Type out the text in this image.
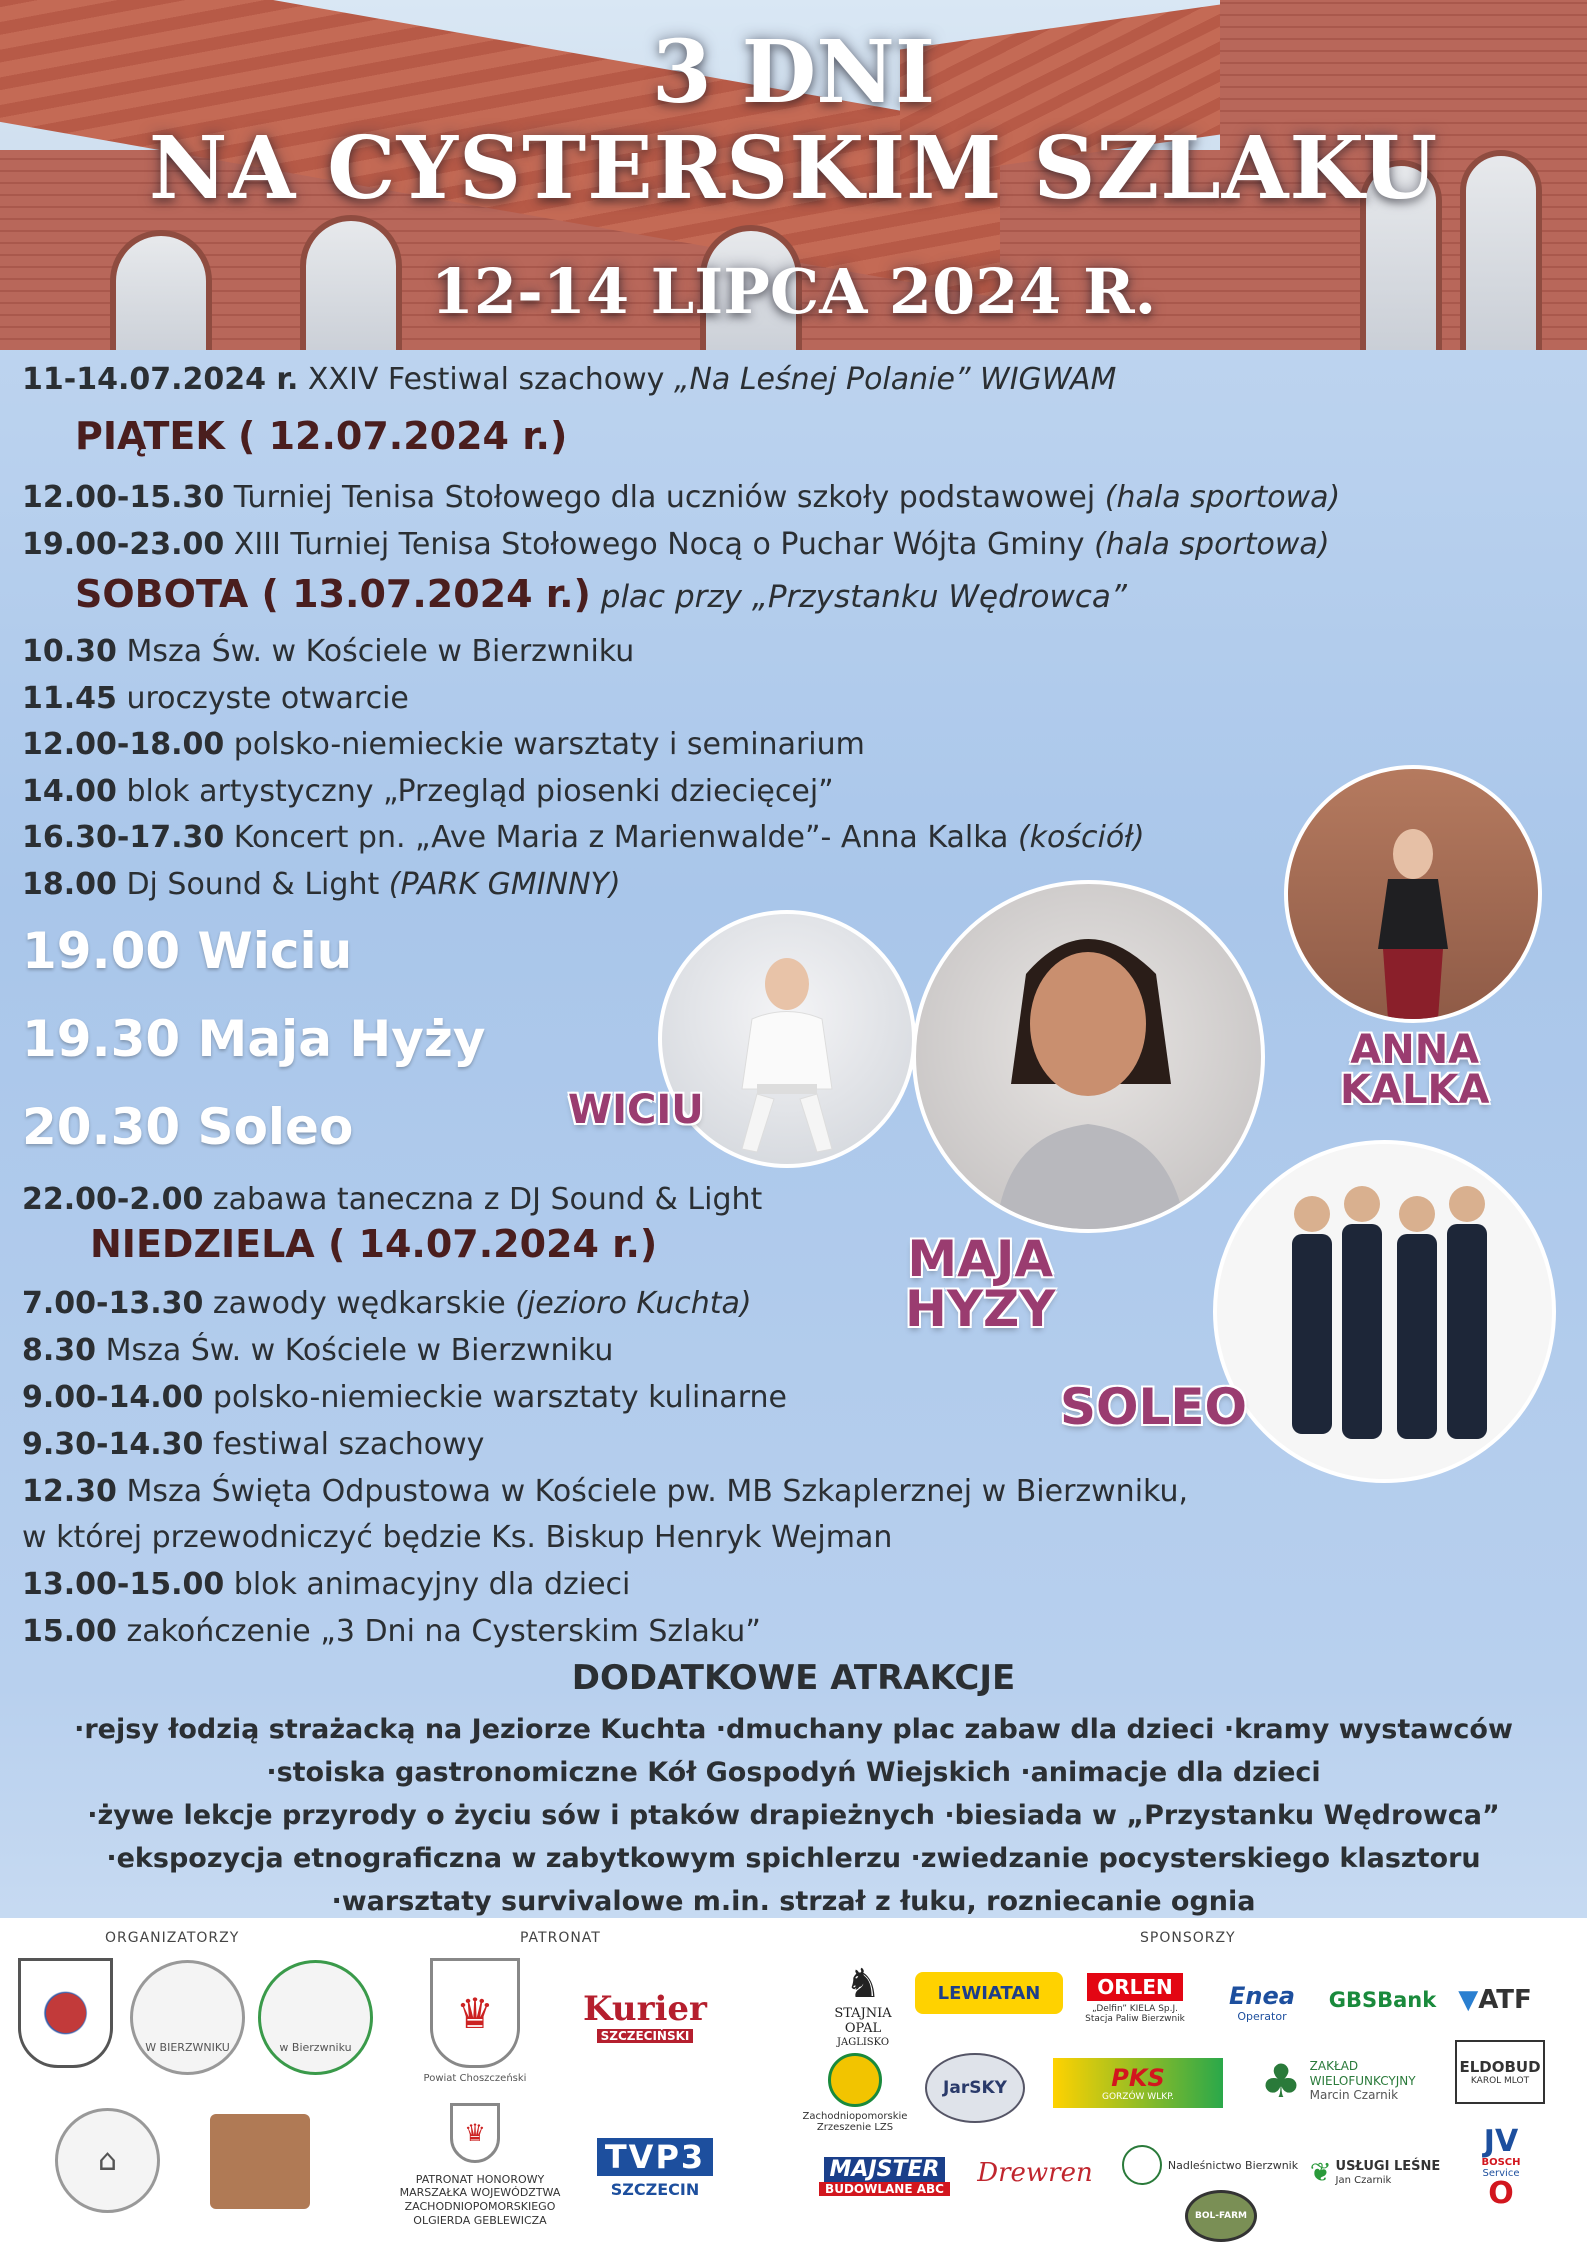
3 DNI
NA CYSTERSKIM SZLAKU
12-14 LIPCA 2024 R.
11-14.07.2024 r. XXIV Festiwal szachowy „Na Leśnej Polanie” WIGWAM
PIĄTEK ( 12.07.2024 r.)
12.00-15.30 Turniej Tenisa Stołowego dla uczniów szkoły podstawowej (hala sportowa)
19.00-23.00 XIII Turniej Tenisa Stołowego Nocą o Puchar Wójta Gminy (hala sportowa)
SOBOTA ( 13.07.2024 r.) plac przy „Przystanku Wędrowca”
10.30 Msza Św. w Kościele w Bierzwniku
11.45 uroczyste otwarcie
12.00-18.00 polsko-niemieckie warsztaty i seminarium
14.00 blok artystyczny „Przegląd piosenki dziecięcej”
16.30-17.30 Koncert pn. „Ave Maria z Marienwalde”- Anna Kalka (kościół)
18.00 Dj Sound & Light (PARK GMINNY)
19.00 Wiciu
19.30 Maja Hyży
20.30 Soleo
22.00-2.00 zabawa taneczna z DJ Sound & Light
NIEDZIELA ( 14.07.2024 r.)
7.00-13.30 zawody wędkarskie (jezioro Kuchta)
8.30 Msza Św. w Kościele w Bierzwniku
9.00-14.00 polsko-niemieckie warsztaty kulinarne
9.30-14.30 festiwal szachowy
12.30 Msza Święta Odpustowa w Kościele pw. MB Szkaplerznej w Bierzwniku,
w której przewodniczyć będzie Ks. Biskup Henryk Wejman
13.00-15.00 blok animacyjny dla dzieci
15.00 zakończenie „3 Dni na Cysterskim Szlaku”
WICIU
MAJA
HYZY
SOLEO
ANNA
KALKA
DODATKOWE ATRAKCJE
·rejsy łodzią strażacką na Jeziorze Kuchta ·dmuchany plac zabaw dla dzieci ·kramy wystawców
·stoiska gastronomiczne Kół Gospodyń Wiejskich ·animacje dla dzieci
·żywe lekcje przyrody o życiu sów i ptaków drapieżnych ·biesiada w „Przystanku Wędrowca”
·ekspozycja etnograficzna w zabytkowym spichlerzu ·zwiedzanie pocysterskiego klasztoru
·warsztaty survivalowe m.in. strzał z łuku, rozniecanie ognia
ORGANIZATORZY	PATRONAT	SPONSORZY
W BIERZWNIKU	w Bierzwniku
⌂
♛
Powiat Choszczeński
Kurier
SZCZECIŃSKI
♛
PATRONAT HONOROWY
MARSZAŁKA WOJEWÓDZTWA
ZACHODNIOPOMORSKIEGO
OLGIERDA GEBLEWICZA
TVP3
SZCZECIN
♞
STAJNIA
OPAL
JAGLISKO
LEWIATAN	ORLEN
„Delfin” KIELA Sp.J.
Stacja Paliw Bierzwnik
Enea
Operator
GBSBank ▼ ATF
Zachodniopomorskie
Zrzeszenie LZS
JarSKY	PKS
GORZÓW WLKP. ♣ ZAKŁAD
WIELOFUNKCYJNY
Marcin Czarnik
ELDOBUD
KAROL MLOT
MAJSTER
BUDOWLANE ABC
Drewren	Nadleśnictwo Bierzwnik ❦ USŁUGI LEŚNE
Jan Czarnik
JV
BOSCH
Service
O
BOL-FARM
